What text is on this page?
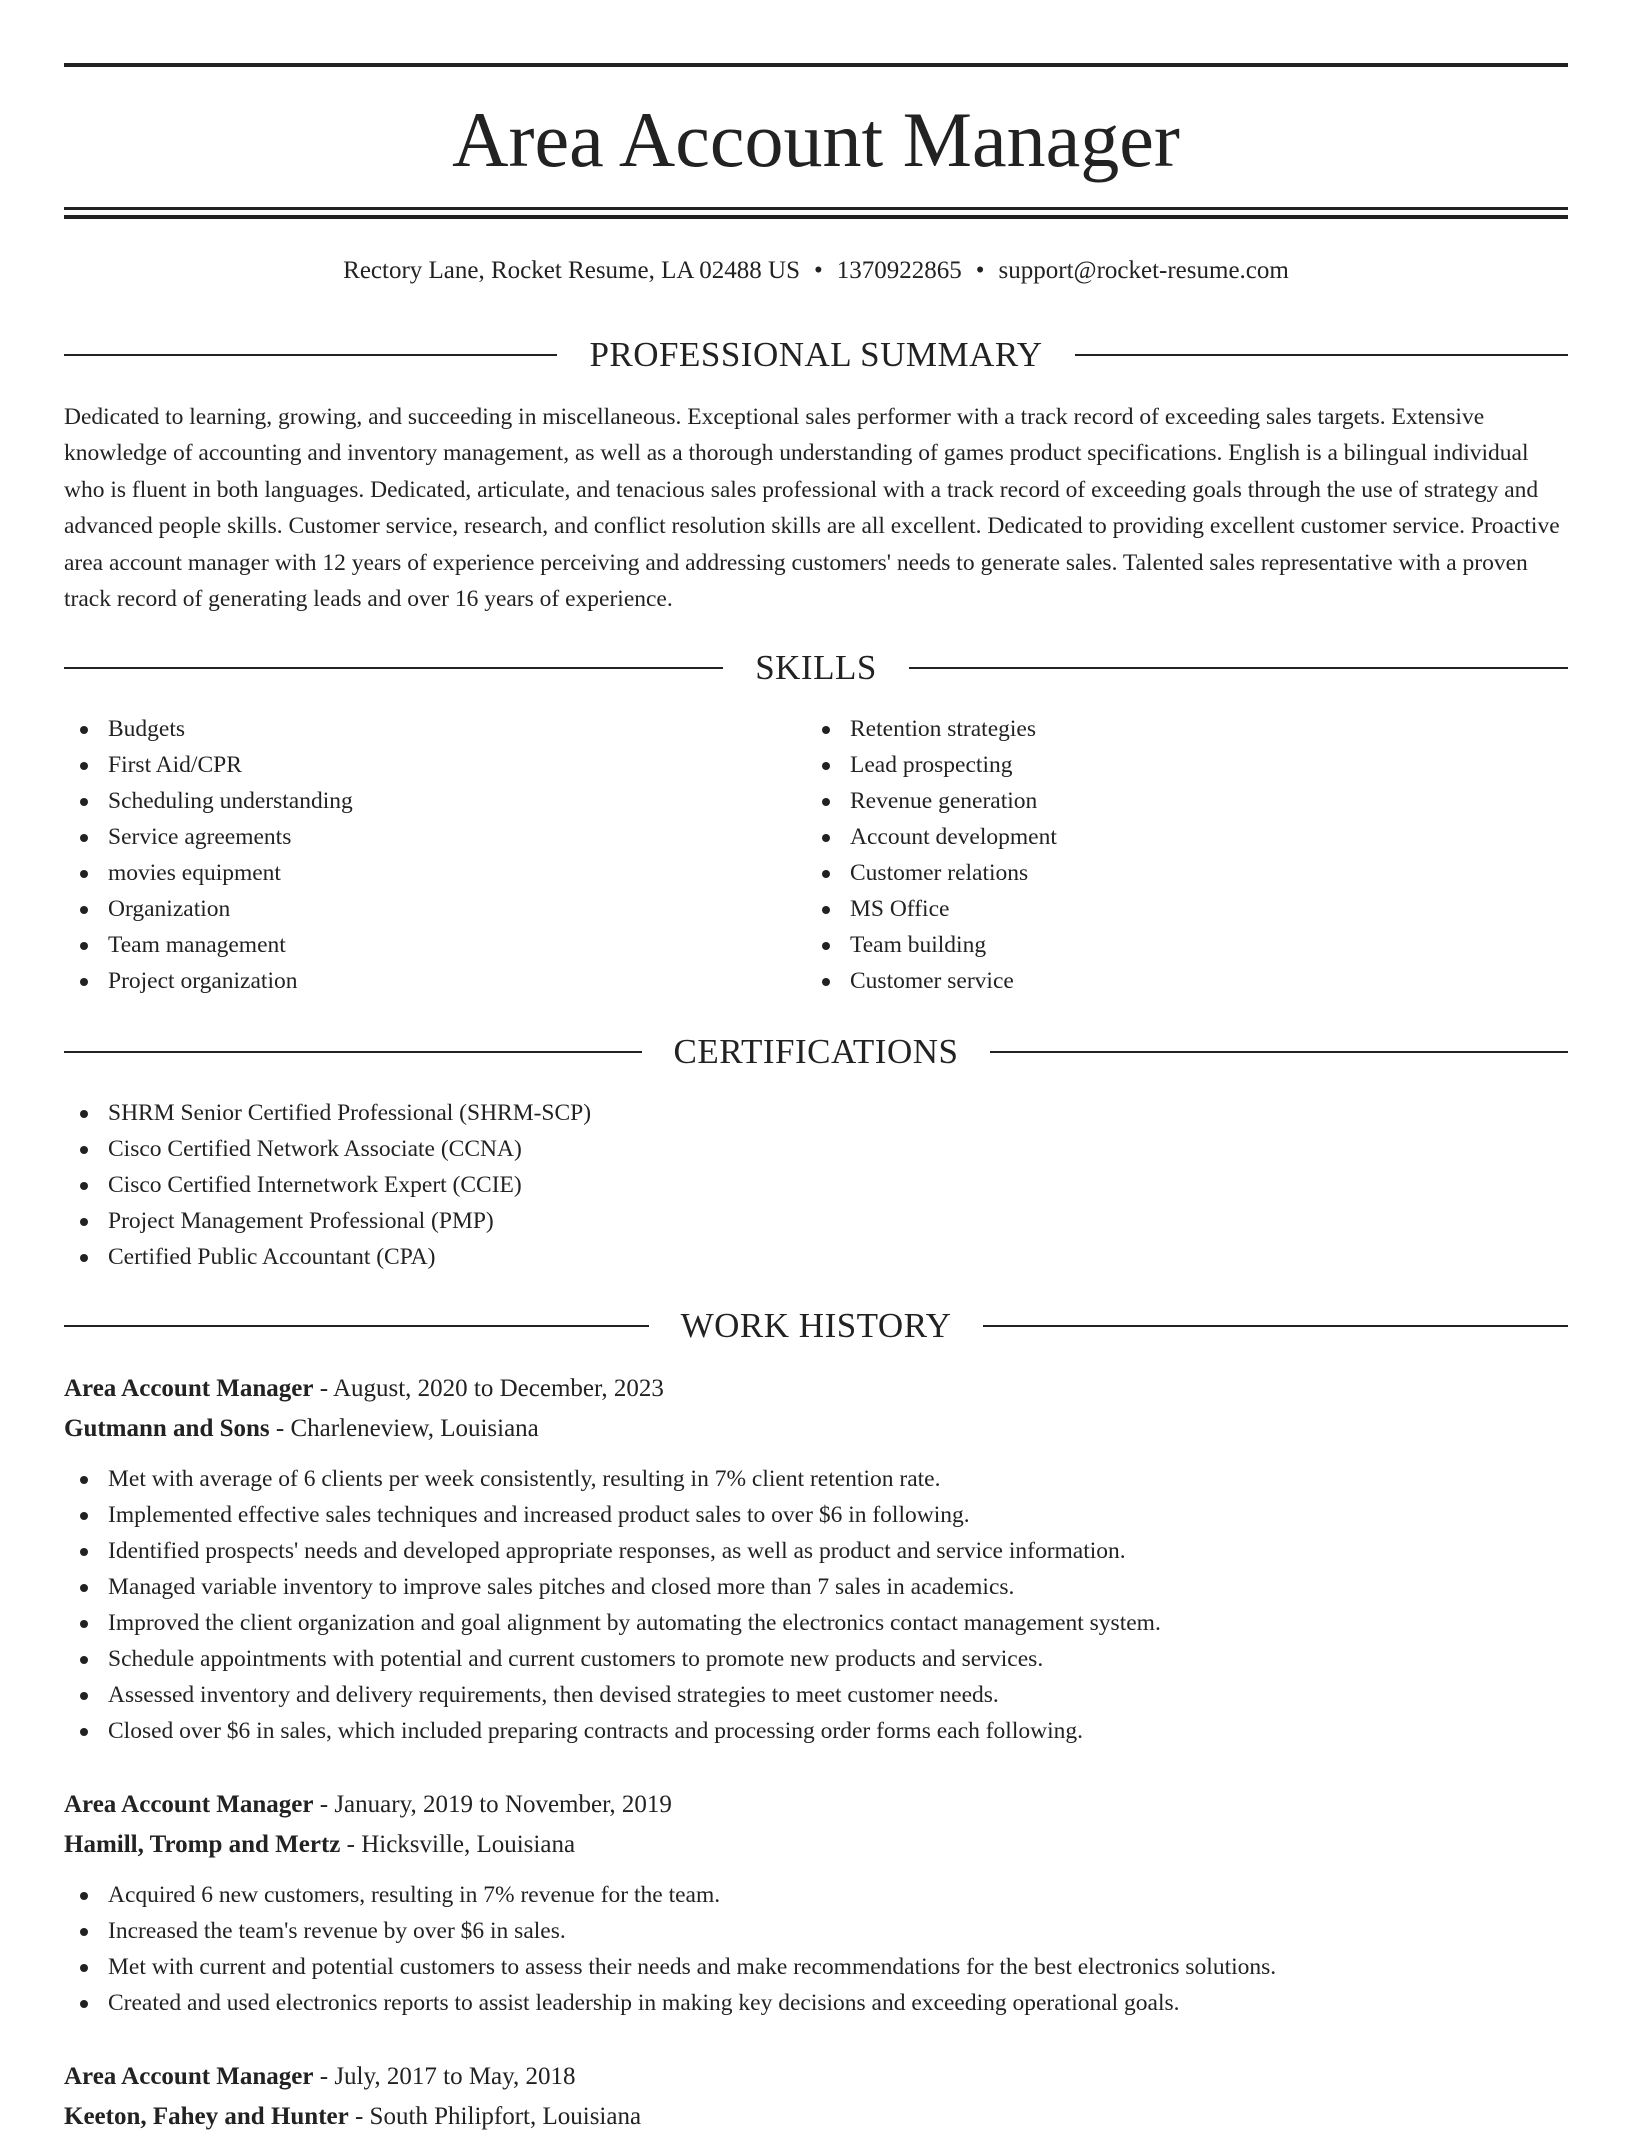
Area Account Manager
Rectory Lane, Rocket Resume, LA 02488 US • 1370922865 • support@rocket-resume.com
PROFESSIONAL SUMMARY

Dedicated to learning, growing, and succeeding in miscellaneous. Exceptional sales performer with a track record of exceeding sales targets. Extensive knowledge of accounting and inventory management, as well as a thorough understanding of games product specifications. English is a bilingual individual who is fluent in both languages. Dedicated, articulate, and tenacious sales professional with a track record of exceeding goals through the use of strategy and advanced people skills. Customer service, research, and conflict resolution skills are all excellent. Dedicated to providing excellent customer service. Proactive area account manager with 12 years of experience perceiving and addressing customers' needs to generate sales. Talented sales representative with a proven track record of generating leads and over 16 years of experience.

SKILLS
Budgets
First Aid/CPR
Scheduling understanding
Service agreements
movies equipment
Organization
Team management
Project organization
Retention strategies
Lead prospecting
Revenue generation
Account development
Customer relations
MS Office
Team building
Customer service
CERTIFICATIONS
SHRM Senior Certified Professional (SHRM-SCP)
Cisco Certified Network Associate (CCNA)
Cisco Certified Internetwork Expert (CCIE)
Project Management Professional (PMP)
Certified Public Accountant (CPA)
WORK HISTORY
Area Account Manager - August, 2020 to December, 2023
Gutmann and Sons - Charleneview, Louisiana
Met with average of 6 clients per week consistently, resulting in 7% client retention rate.
Implemented effective sales techniques and increased product sales to over $6 in following.
Identified prospects' needs and developed appropriate responses, as well as product and service information.
Managed variable inventory to improve sales pitches and closed more than 7 sales in academics.
Improved the client organization and goal alignment by automating the electronics contact management system.
Schedule appointments with potential and current customers to promote new products and services.
Assessed inventory and delivery requirements, then devised strategies to meet customer needs.
Closed over $6 in sales, which included preparing contracts and processing order forms each following.
Area Account Manager - January, 2019 to November, 2019
Hamill, Tromp and Mertz - Hicksville, Louisiana
Acquired 6 new customers, resulting in 7% revenue for the team.
Increased the team's revenue by over $6 in sales.
Met with current and potential customers to assess their needs and make recommendations for the best electronics solutions.
Created and used electronics reports to assist leadership in making key decisions and exceeding operational goals.
Area Account Manager - July, 2017 to May, 2018
Keeton, Fahey and Hunter - South Philipfort, Louisiana
